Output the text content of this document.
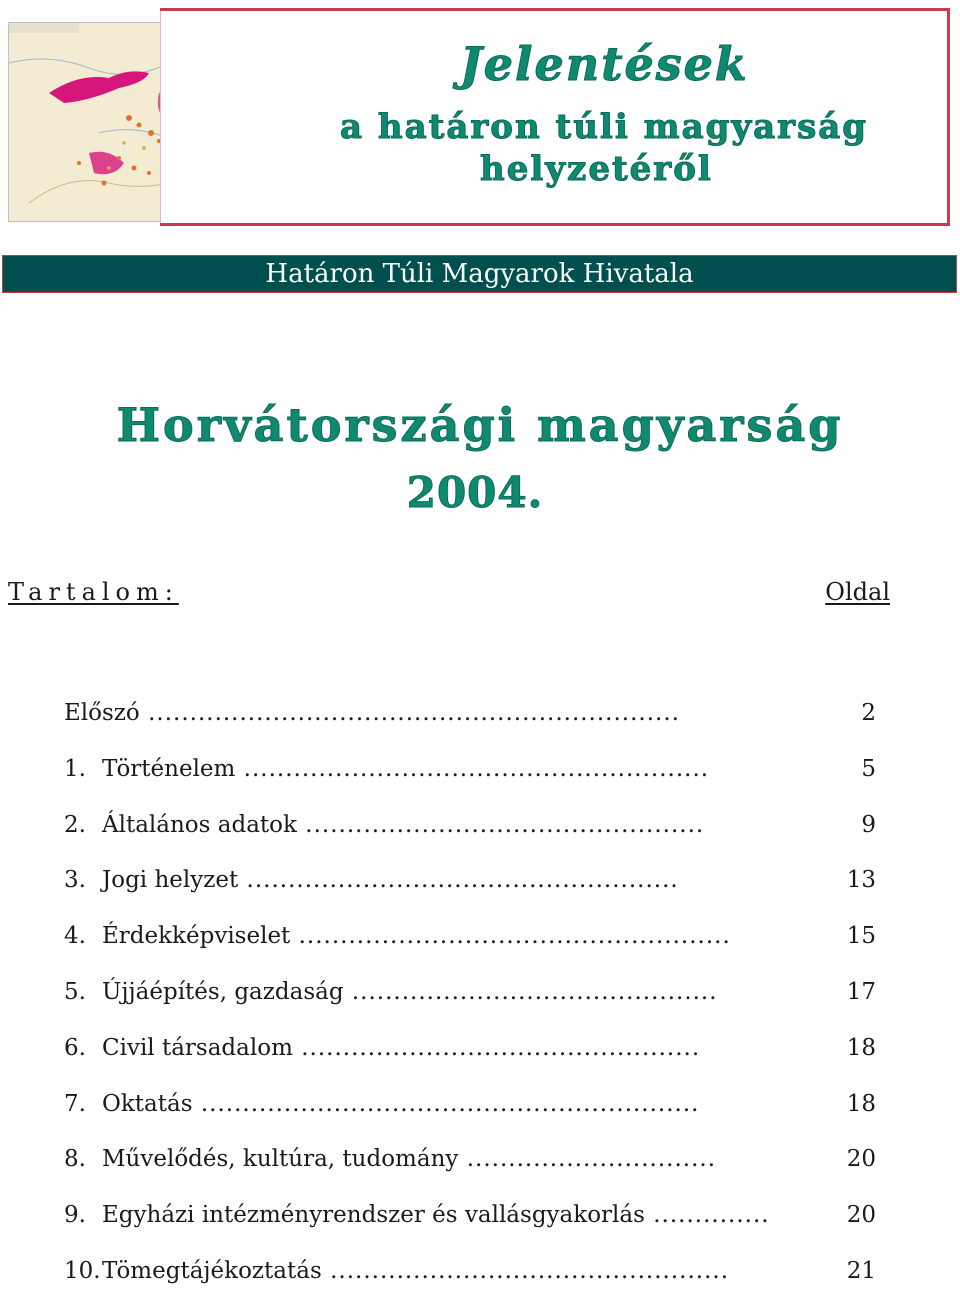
Jelentések
a határon túli magyarság
helyzetéről
Határon Túli Magyarok Hivatala
Horvátországi magyarság
2004.
Tartalom:	Oldal
Előszó ................................................................	2
1. Történelem ........................................................	5
2. Általános adatok ................................................	9
3. Jogi helyzet ....................................................	13
4. Érdekképviselet ....................................................	15
5. Újjáépítés, gazdaság ............................................	17
6. Civil társadalom ................................................	18
7. Oktatás ............................................................	18
8. Művelődés, kultúra, tudomány ..............................	20
9. Egyházi intézményrendszer és vallásgyakorlás ..............	20
10.Tömegtájékoztatás ................................................	21
